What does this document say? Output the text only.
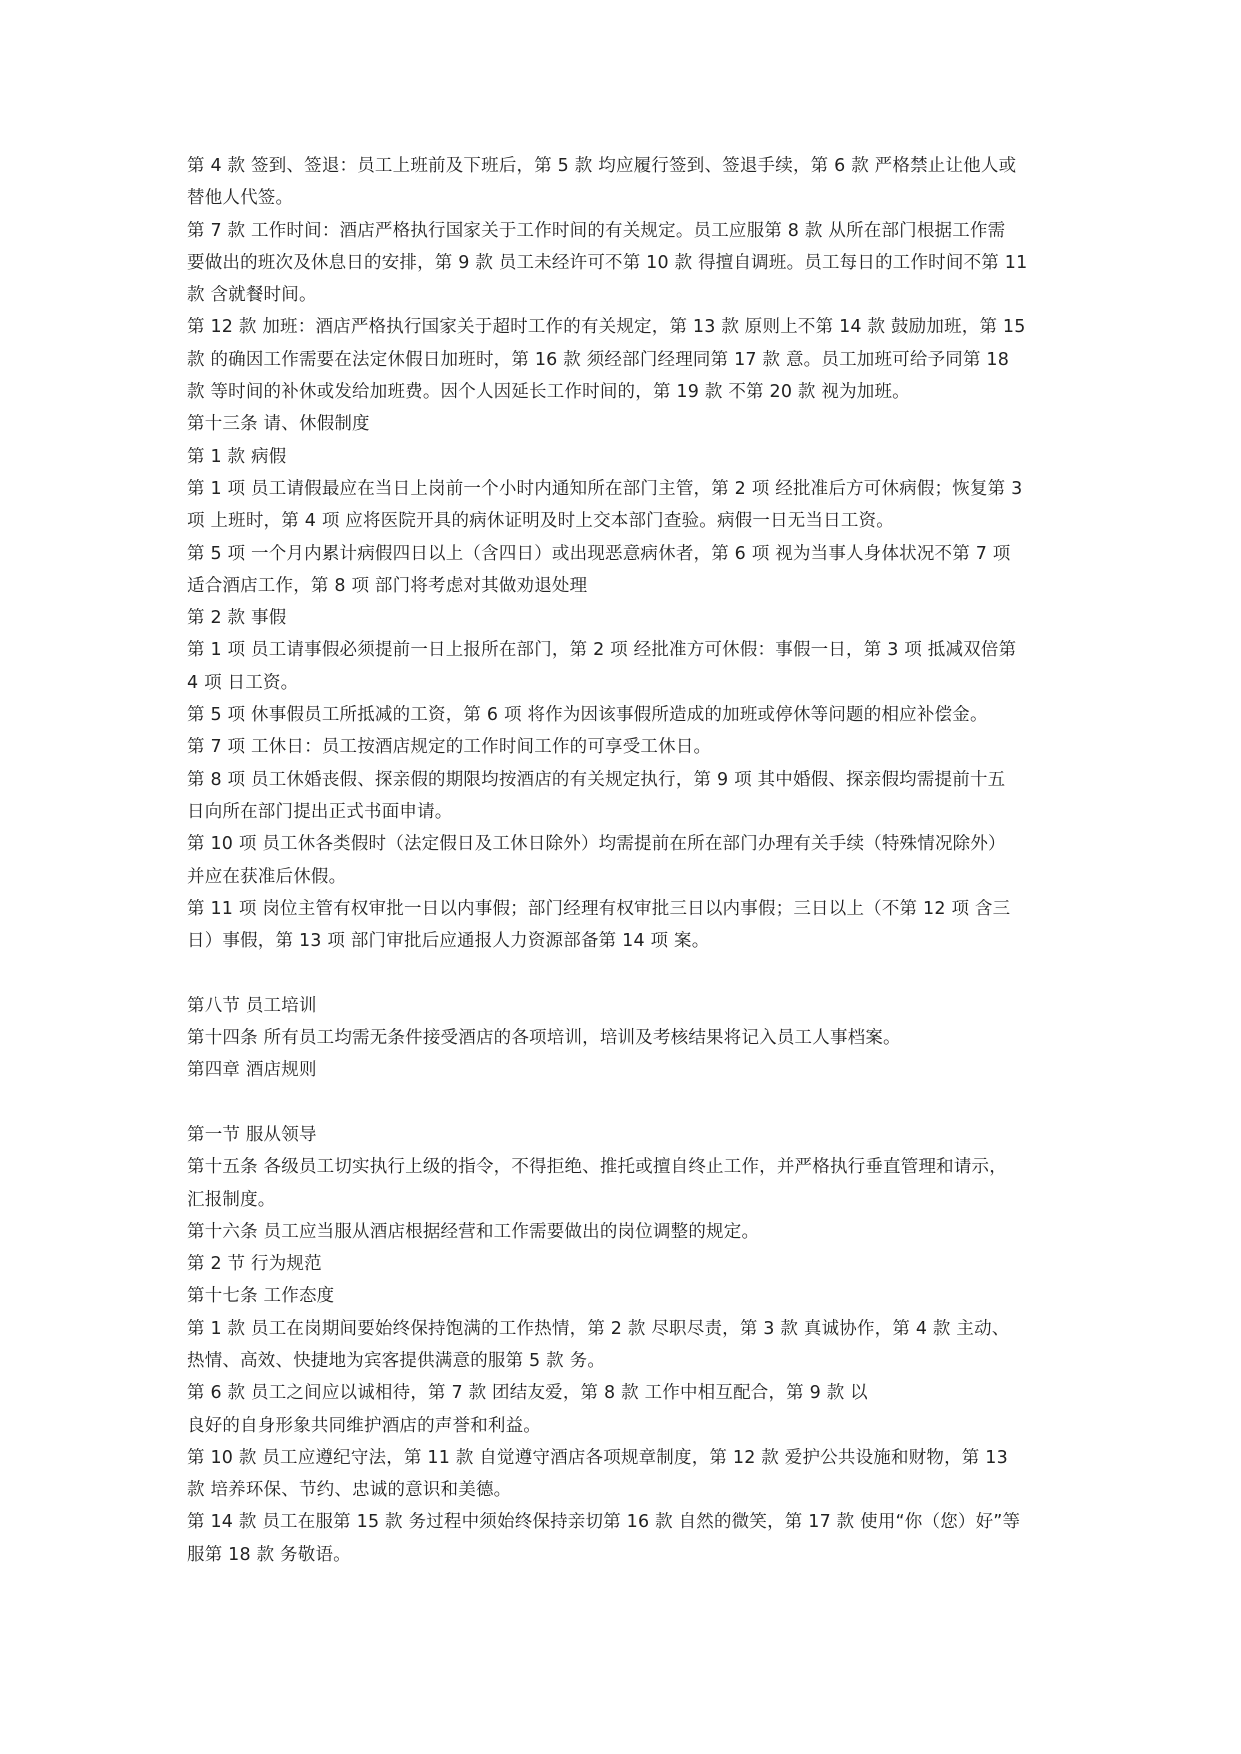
第 4 款 签到、签退：员工上班前及下班后，第 5 款 均应履行签到、签退手续，第 6 款 严格禁止让他人或
替他人代签。
第 7 款 工作时间：酒店严格执行国家关于工作时间的有关规定。员工应服第 8 款 从所在部门根据工作需
要做出的班次及休息日的安排，第 9 款 员工未经许可不第 10 款 得擅自调班。员工每日的工作时间不第 11
款 含就餐时间。
第 12 款 加班：酒店严格执行国家关于超时工作的有关规定，第 13 款 原则上不第 14 款 鼓励加班，第 15
款 的确因工作需要在法定休假日加班时，第 16 款 须经部门经理同第 17 款 意。员工加班可给予同第 18
款 等时间的补休或发给加班费。因个人因延长工作时间的，第 19 款 不第 20 款 视为加班。
第十三条 请、休假制度
第 1 款 病假
第 1 项 员工请假最应在当日上岗前一个小时内通知所在部门主管，第 2 项 经批准后方可休病假；恢复第 3
项 上班时，第 4 项 应将医院开具的病休证明及时上交本部门查验。病假一日无当日工资。
第 5 项 一个月内累计病假四日以上（含四日）或出现恶意病休者，第 6 项 视为当事人身体状况不第 7 项
适合酒店工作，第 8 项 部门将考虑对其做劝退处理
第 2 款 事假
第 1 项 员工请事假必须提前一日上报所在部门，第 2 项 经批准方可休假：事假一日，第 3 项 抵减双倍第
4 项 日工资。
第 5 项 休事假员工所抵减的工资，第 6 项 将作为因该事假所造成的加班或停休等问题的相应补偿金。
第 7 项 工休日：员工按酒店规定的工作时间工作的可享受工休日。
第 8 项 员工休婚丧假、探亲假的期限均按酒店的有关规定执行，第 9 项 其中婚假、探亲假均需提前十五
日向所在部门提出正式书面申请。
第 10 项 员工休各类假时（法定假日及工休日除外）均需提前在所在部门办理有关手续（特殊情况除外）
并应在获准后休假。
第 11 项 岗位主管有权审批一日以内事假；部门经理有权审批三日以内事假；三日以上（不第 12 项 含三
日）事假，第 13 项 部门审批后应通报人力资源部备第 14 项 案。
第八节 员工培训
第十四条 所有员工均需无条件接受酒店的各项培训，培训及考核结果将记入员工人事档案。
第四章 酒店规则
第一节 服从领导
第十五条 各级员工切实执行上级的指令，不得拒绝、推托或擅自终止工作，并严格执行垂直管理和请示，
汇报制度。
第十六条 员工应当服从酒店根据经营和工作需要做出的岗位调整的规定。
第 2 节 行为规范
第十七条 工作态度
第 1 款 员工在岗期间要始终保持饱满的工作热情，第 2 款 尽职尽责，第 3 款 真诚协作，第 4 款 主动、
热情、高效、快捷地为宾客提供满意的服第 5 款 务。
第 6 款 员工之间应以诚相待，第 7 款 团结友爱，第 8 款 工作中相互配合，第 9 款 以
良好的自身形象共同维护酒店的声誉和利益。
第 10 款 员工应遵纪守法，第 11 款 自觉遵守酒店各项规章制度，第 12 款 爱护公共设施和财物，第 13
款 培养环保、节约、忠诚的意识和美德。
第 14 款 员工在服第 15 款 务过程中须始终保持亲切第 16 款 自然的微笑，第 17 款 使用“你（您）好”等
服第 18 款 务敬语。
